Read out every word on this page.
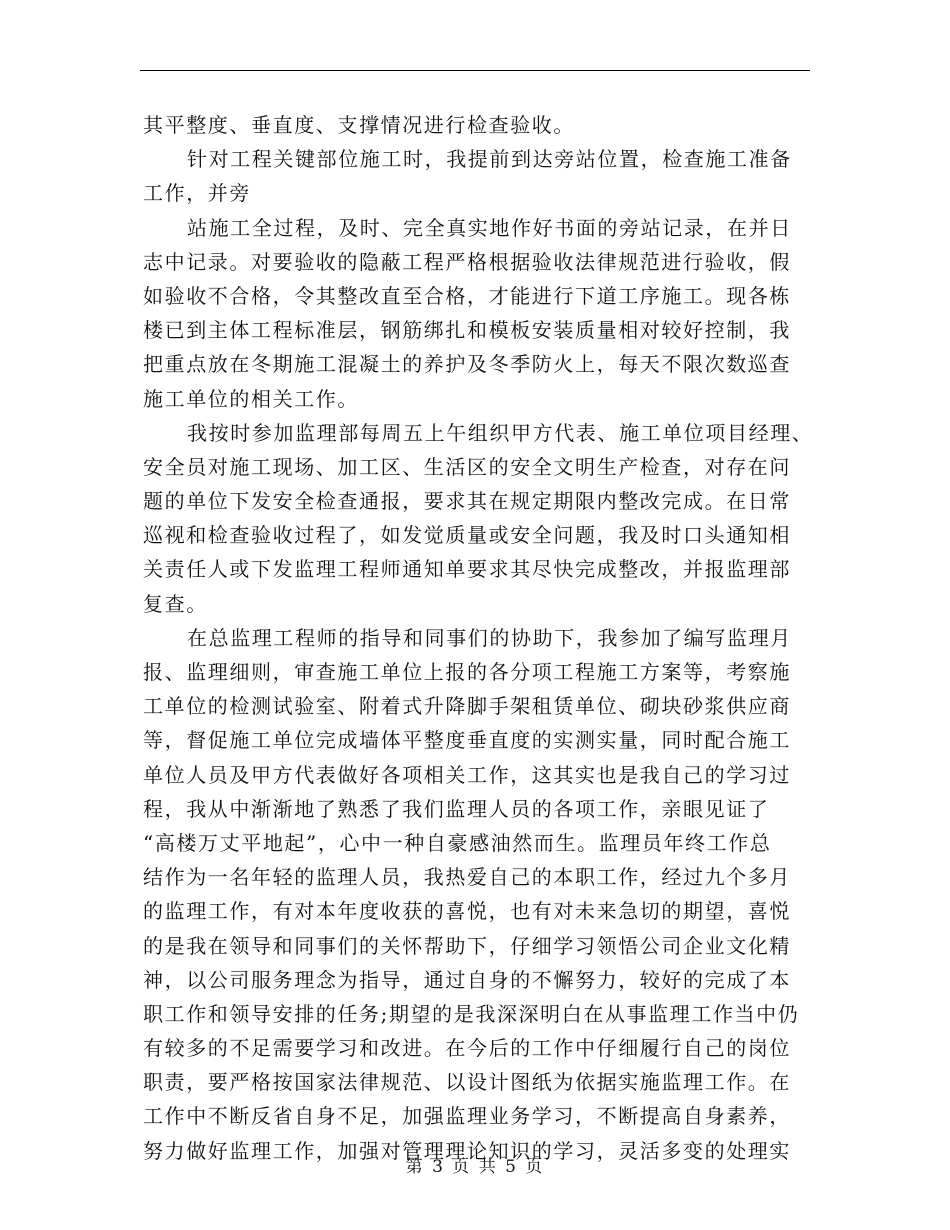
其平整度、垂直度、支撑情况进行检查验收。
针对工程关键部位施工时，我提前到达旁站位置，检查施工准备
工作，并旁
站施工全过程，及时、完全真实地作好书面的旁站记录，在并日
志中记录。对要验收的隐蔽工程严格根据验收法律规范进行验收，假
如验收不合格，令其整改直至合格，才能进行下道工序施工。现各栋
楼已到主体工程标准层，钢筋绑扎和模板安装质量相对较好控制，我
把重点放在冬期施工混凝土的养护及冬季防火上，每天不限次数巡查
施工单位的相关工作。
我按时参加监理部每周五上午组织甲方代表、施工单位项目经理、
安全员对施工现场、加工区、生活区的安全文明生产检查，对存在问
题的单位下发安全检查通报，要求其在规定期限内整改完成。在日常
巡视和检查验收过程了，如发觉质量或安全问题，我及时口头通知相
关责任人或下发监理工程师通知单要求其尽快完成整改，并报监理部
复查。
在总监理工程师的指导和同事们的协助下，我参加了编写监理月
报、监理细则，审查施工单位上报的各分项工程施工方案等，考察施
工单位的检测试验室、附着式升降脚手架租赁单位、砌块砂浆供应商
等，督促施工单位完成墙体平整度垂直度的实测实量，同时配合施工
单位人员及甲方代表做好各项相关工作，这其实也是我自己的学习过
程，我从中渐渐地了熟悉了我们监理人员的各项工作，亲眼见证了
“高楼万丈平地起”，心中一种自豪感油然而生。监理员年终工作总
结作为一名年轻的监理人员，我热爱自己的本职工作，经过九个多月
的监理工作，有对本年度收获的喜悦，也有对未来急切的期望，喜悦
的是我在领导和同事们的关怀帮助下，仔细学习领悟公司企业文化精
神，以公司服务理念为指导，通过自身的不懈努力，较好的完成了本
职工作和领导安排的任务;期望的是我深深明白在从事监理工作当中仍
有较多的不足需要学习和改进。在今后的工作中仔细履行自己的岗位
职责，要严格按国家法律规范、以设计图纸为依据实施监理工作。在
工作中不断反省自身不足，加强监理业务学习，不断提高自身素养，
努力做好监理工作，加强对管理理论知识的学习，灵活多变的处理实
第 3 页 共 5 页
